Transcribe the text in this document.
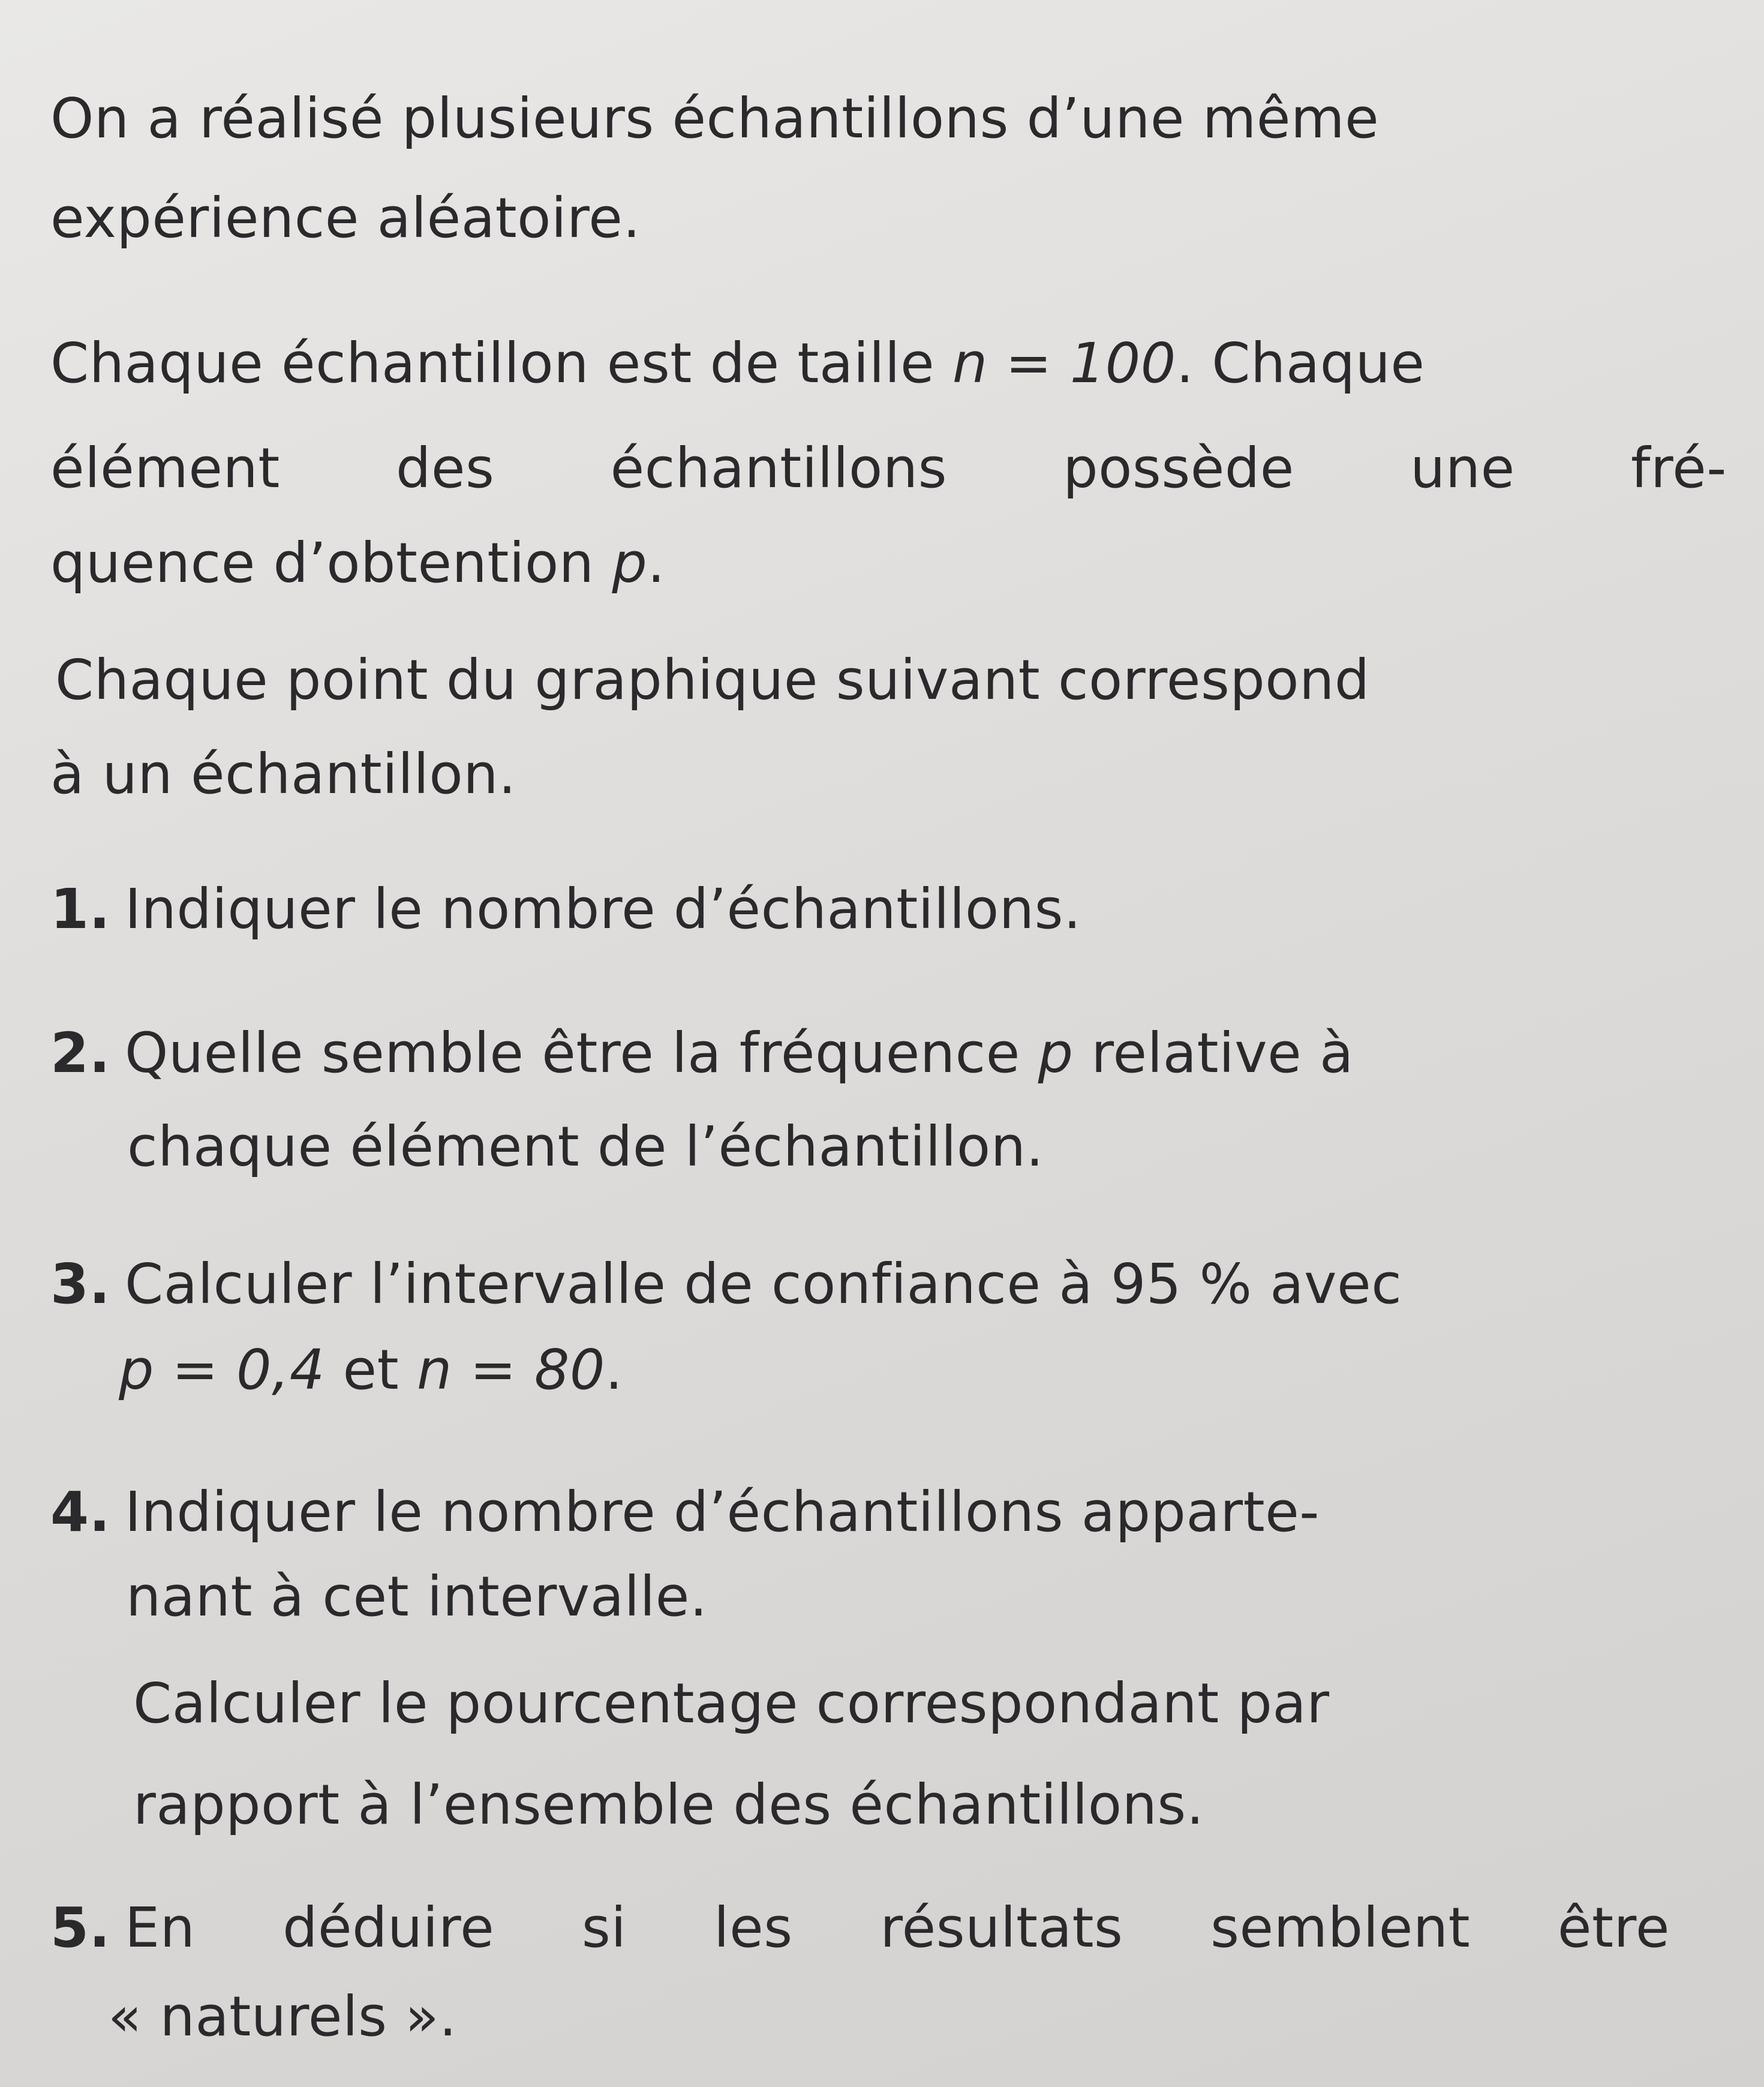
On a réalisé plusieurs échantillons d’une même
expérience aléatoire.
Chaque échantillon est de taille n = 100. Chaque
élément des échantillons possède une fré-
quence d’obtention p.
Chaque point du graphique suivant correspond
à un échantillon.
1. Indiquer le nombre d’échantillons.
2. Quelle semble être la fréquence p relative à
chaque élément de l’échantillon.
3. Calculer l’intervalle de confiance à 95 % avec
p = 0,4 et n = 80.
4. Indiquer le nombre d’échantillons apparte-
nant à cet intervalle.
Calculer le pourcentage correspondant par
rapport à l’ensemble des échantillons.
5. En déduire si les résultats semblent être
« naturels ».
